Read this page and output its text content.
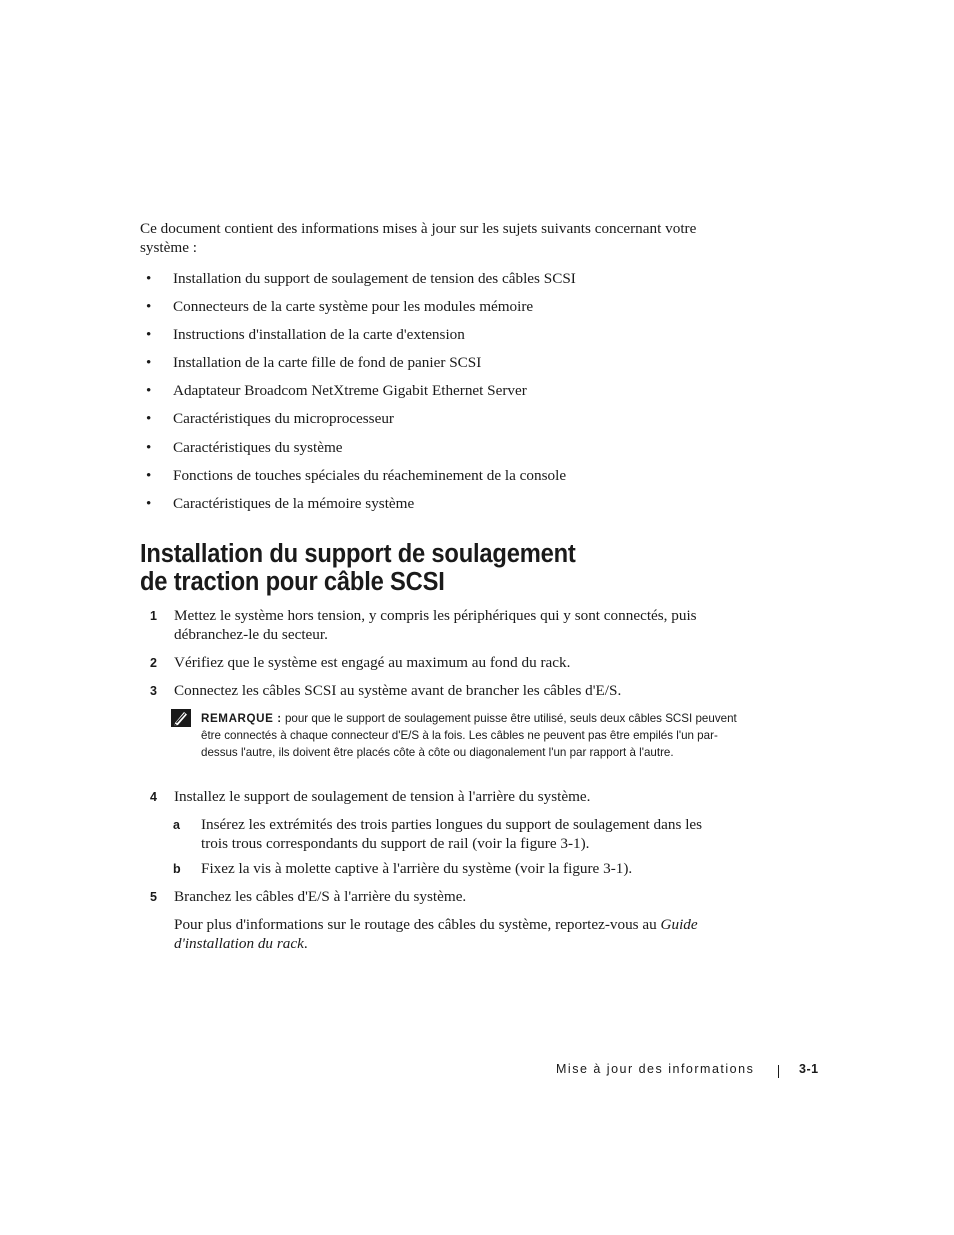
Ce document contient des informations mises à jour sur les sujets suivants concernant votre système :

• Installation du support de soulagement de tension des câbles SCSI
• Connecteurs de la carte système pour les modules mémoire
• Instructions d'installation de la carte d'extension
• Installation de la carte fille de fond de panier SCSI
• Adaptateur Broadcom NetXtreme Gigabit Ethernet Server
• Caractéristiques du microprocesseur
• Caractéristiques du système
• Fonctions de touches spéciales du réacheminement de la console
• Caractéristiques de la mémoire système
Installation du support de soulagement
de traction pour câble SCSI
1 Mettez le système hors tension, y compris les périphériques qui y sont connectés, puis débranchez-le du secteur.
2 Vérifiez que le système est engagé au maximum au fond du rack.
3 Connectez les câbles SCSI au système avant de brancher les câbles d'E/S.
REMARQUE : pour que le support de soulagement puisse être utilisé, seuls deux câbles SCSI peuvent être connectés à chaque connecteur d'E/S à la fois. Les câbles ne peuvent pas être empilés l'un par-dessus l'autre, ils doivent être placés côte à côte ou diagonalement l'un par rapport à l'autre.
4 Installez le support de soulagement de tension à l'arrière du système.
a Insérez les extrémités des trois parties longues du support de soulagement dans les trois trous correspondants du support de rail (voir la figure 3-1).
b Fixez la vis à molette captive à l'arrière du système (voir la figure 3-1).
5 Branchez les câbles d'E/S à l'arrière du système.

Pour plus d'informations sur le routage des câbles du système, reportez-vous au Guide d'installation du rack.

Mise à jour des informations	3-1
